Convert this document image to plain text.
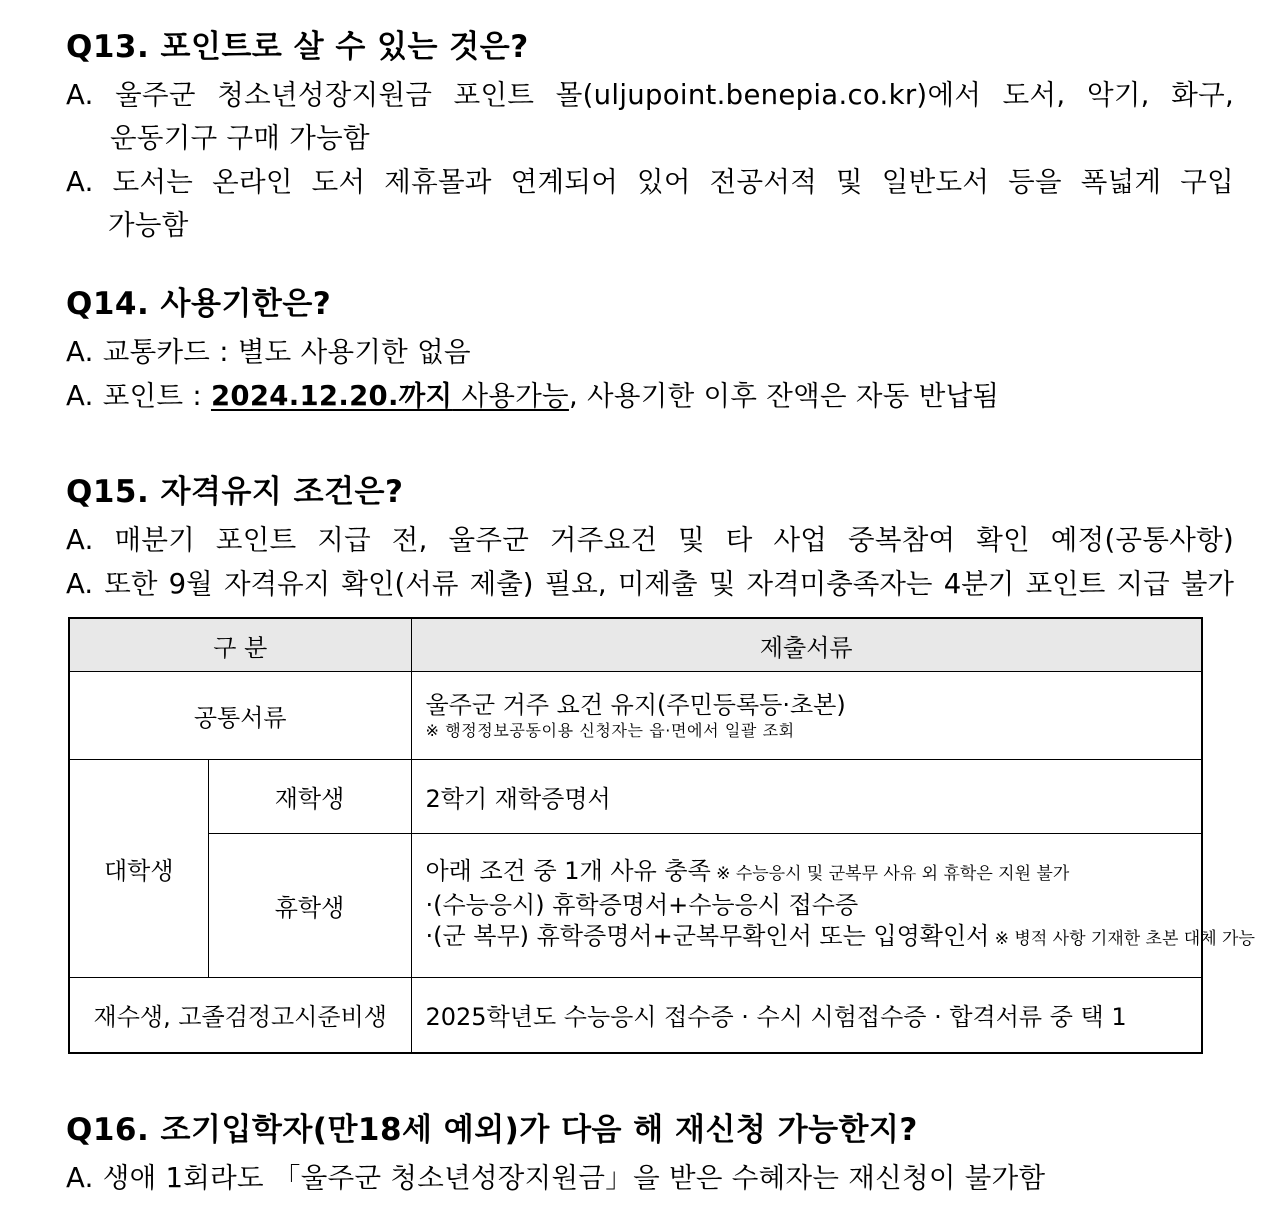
Q13. 포인트로 살 수 있는 것은?
A. 울주군 청소년성장지원금 포인트 몰(uljupoint.benepia.co.kr)에서 도서, 악기, 화구,
운동기구 구매 가능함
A. 도서는 온라인 도서 제휴몰과 연계되어 있어 전공서적 및 일반도서 등을 폭넓게 구입
가능함
Q14. 사용기한은?
A. 교통카드 : 별도 사용기한 없음
A. 포인트 : 2024.12.20.까지 사용가능, 사용기한 이후 잔액은 자동 반납됨
Q15. 자격유지 조건은?
A. 매분기 포인트 지급 전, 울주군 거주요건 및 타 사업 중복참여 확인 예정(공통사항)
A. 또한 9월 자격유지 확인(서류 제출) 필요, 미제출 및 자격미충족자는 4분기 포인트 지급 불가
구 분		제출서류
공통서류		울주군 거주 요건 유지(주민등록등·초본)
※ 행정정보공동이용 신청자는 읍·면에서 일괄 조회

대학생	재학생	2학기 재학증명서
	휴학생	아래 조건 중 1개 사유 충족 ※ 수능응시 및 군복무 사유 외 휴학은 지원 불가
·(수능응시) 휴학증명서+수능응시 접수증
·(군 복무) 휴학증명서+군복무확인서 또는 입영확인서 ※ 병적 사항 기재한 초본 대체 가능

재수생, 고졸검정고시준비생		2025학년도 수능응시 접수증 · 수시 시험접수증 · 합격서류 중 택 1
Q16. 조기입학자(만18세 예외)가 다음 해 재신청 가능한지?
A. 생애 1회라도 「울주군 청소년성장지원금」을 받은 수혜자는 재신청이 불가함
